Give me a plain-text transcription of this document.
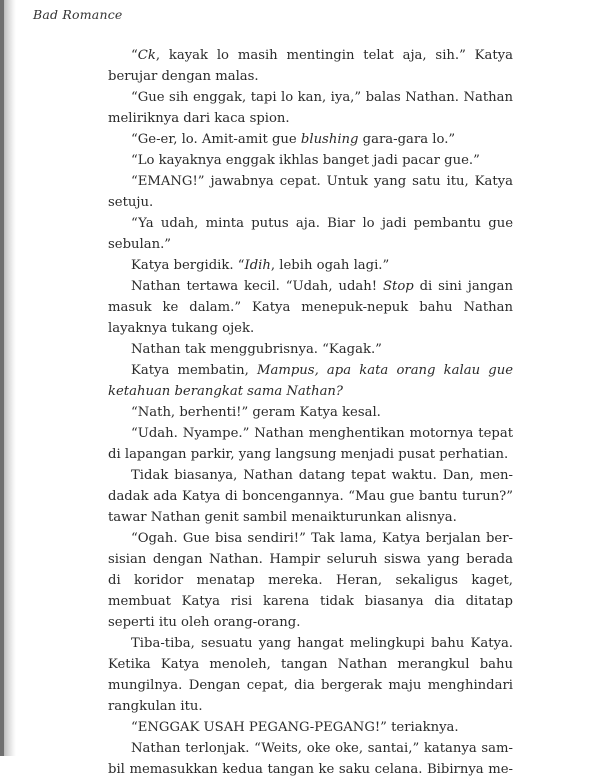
Bad Romance

“Ck, kayak lo masih mentingin telat aja, sih.” Katya berujar dengan malas.

“Gue sih enggak, tapi lo kan, iya,” balas Nathan. Nathan meliriknya dari kaca spion.

“Ge-er, lo. Amit-amit gue blushing gara-gara lo.”

“Lo kayaknya enggak ikhlas banget jadi pacar gue.”

“EMANG!” jawabnya cepat. Untuk yang satu itu, Katya setuju.

“Ya udah, minta putus aja. Biar lo jadi pembantu gue sebulan.”

Katya bergidik. “Idih, lebih ogah lagi.”

Nathan tertawa kecil. “Udah, udah! Stop di sini jangan masuk ke dalam.” Katya menepuk-nepuk bahu Nathan layaknya tukang ojek.

Nathan tak menggubrisnya. “Kagak.”

Katya membatin, Mampus, apa kata orang kalau gue ketahuan berangkat sama Nathan?

“Nath, berhenti!” geram Katya kesal.

“Udah. Nyampe.” Nathan menghentikan motornya tepat di lapangan parkir, yang langsung menjadi pusat perhatian.

Tidak biasanya, Nathan datang tepat waktu. Dan, mendadak ada Katya di boncengannya. “Mau gue bantu turun?” tawar Nathan genit sambil menaikturunkan alisnya.

“Ogah. Gue bisa sendiri!” Tak lama, Katya berjalan bersisian dengan Nathan. Hampir seluruh siswa yang berada di koridor menatap mereka. Heran, sekaligus kaget, membuat Katya risi karena tidak biasanya dia ditatap seperti itu oleh orang-orang.

Tiba-tiba, sesuatu yang hangat melingkupi bahu Katya. Ketika Katya menoleh, tangan Nathan merangkul bahu mungilnya. Dengan cepat, dia bergerak maju menghindari rangkulan itu.

“ENGGAK USAH PEGANG-PEGANG!” teriaknya.

Nathan terlonjak. “Weits, oke oke, santai,” katanya sambil memasukkan kedua tangan ke saku celana. Bibirnya me-
